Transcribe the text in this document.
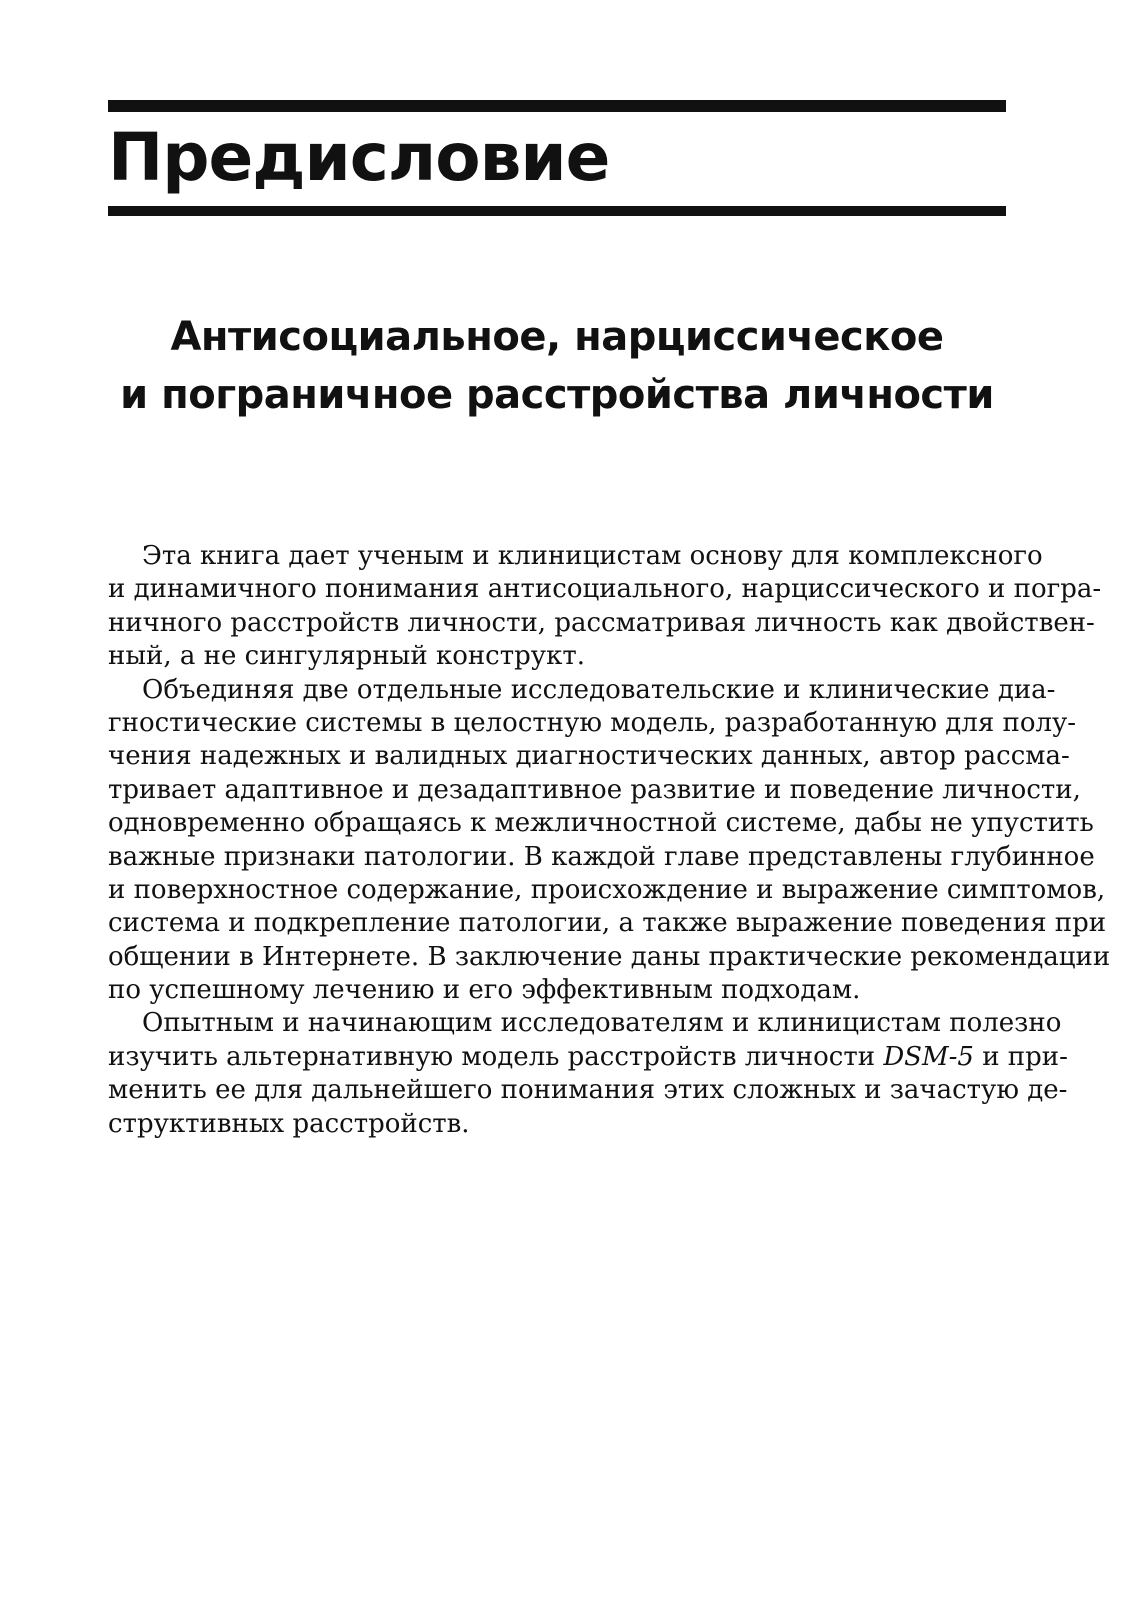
Предисловие
Антисоциальное, нарциссическое
и пограничное расстройства личности
Эта книга дает ученым и клиницистам основу для комплексного
и динамичного понимания антисоциального, нарциссического и погра-
ничного расстройств личности, рассматривая личность как двойствен-
ный, а не сингулярный конструкт.
Объединяя две отдельные исследовательские и клинические диа-
гностические системы в целостную модель, разработанную для полу-
чения надежных и валидных диагностических данных, автор рассма-
тривает адаптивное и дезадаптивное развитие и поведение личности,
одновременно обращаясь к межличностной системе, дабы не упустить
важные признаки патологии. В каждой главе представлены глубинное
и поверхностное содержание, происхождение и выражение симптомов,
система и подкрепление патологии, а также выражение поведения при
общении в Интернете. В заключение даны практические рекомендации
по успешному лечению и его эффективным подходам.
Опытным и начинающим исследователям и клиницистам полезно
изучить альтернативную модель расстройств личности DSM-5 и при-
менить ее для дальнейшего понимания этих сложных и зачастую де-
структивных расстройств.
